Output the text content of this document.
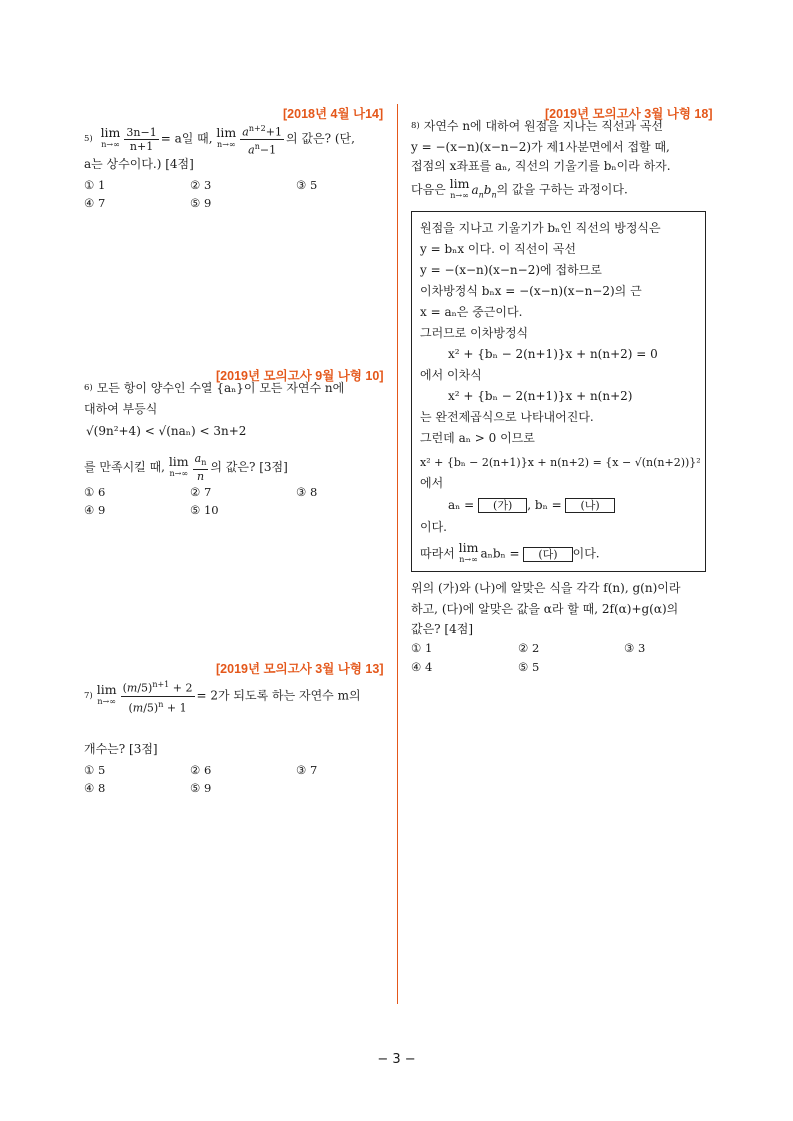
[2018년 4월 나14]
5) lim
$n\to\infty \frac{3n-1}{n+1} = a$일 때, lim
$n\to\infty \frac{a^{n+2}+1}{a^n-1}$ 의 값은? (단,
a는 상수이다.) [4점]
① 1	② 3	③ 5
④ 7	⑤ 9
[2019년 모의고사 9월 나형 10]
6) 모든 항이 양수인 수열 {aₙ}이 모든 자연수 n에
대하여 부등식
√(9n²+4) < √(naₙ) < 3n+2
를 만족시킬 때, lim
$n\to\infty \frac{a_n}{n}$ 의 값은? [3점]
① 6	② 7	③ 8
④ 9	⑤ 10
[2019년 모의고사 3월 나형 13]
7) lim
$n\to\infty \frac{(m/5)^{n+1} + 2}{(m/5)^n + 1} = 2$가 되도록 하는 자연수 m의
개수는? [3점]
① 5	② 6	③ 7
④ 8	⑤ 9
[2019년 모의고사 3월 나형 18]
8) 자연수 n에 대하여 원점을 지나는 직선과 곡선
y = −(x−n)(x−n−2)가 제1사분면에서 접할 때,
접점의 x좌표를 aₙ, 직선의 기울기를 bₙ이라 하자.
다음은 lim
n→∞ $a_nb_n$의 값을 구하는 과정이다.
원점을 지나고 기울기가 bₙ인 직선의 방정식은
y = bₙx 이다. 이 직선이 곡선
y = −(x−n)(x−n−2)에 접하므로
이차방정식 bₙx = −(x−n)(x−n−2)의 근
x = aₙ은 중근이다.
그러므로 이차방정식
x² + {bₙ − 2(n+1)}x + n(n+2) = 0
에서 이차식
x² + {bₙ − 2(n+1)}x + n(n+2)
는 완전제곱식으로 나타내어진다.
그런데 aₙ > 0 이므로
x² + {bₙ − 2(n+1)}x + n(n+2) = {x − √(n(n+2))}²
에서
aₙ = (가) , bₙ = (나)
이다.
따라서 lim
n→∞ aₙbₙ = (다) 이다.
위의 (가)와 (나)에 알맞은 식을 각각 f(n), g(n)이라
하고, (다)에 알맞은 값을 α라 할 때, 2f(α)+g(α)의
값은? [4점]
① 1	② 2	③ 3
④ 4	⑤ 5
− 3 −
